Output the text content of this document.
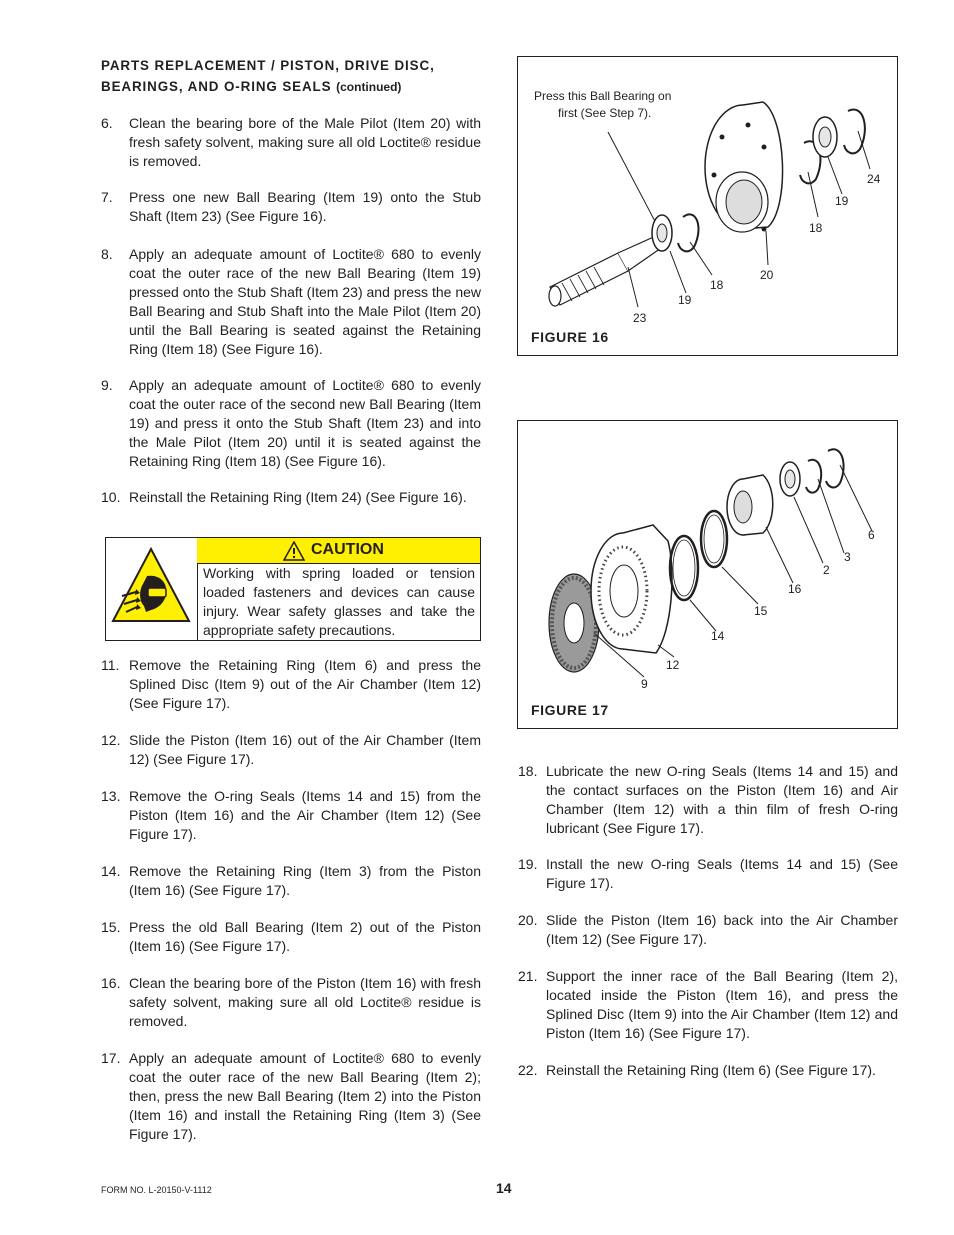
PARTS REPLACEMENT / PISTON, DRIVE DISC, BEARINGS, AND O-RING SEALS (continued)
6. Clean the bearing bore of the Male Pilot (Item 20) with fresh safety solvent, making sure all old Loctite® residue is removed.
7. Press one new Ball Bearing (Item 19) onto the Stub Shaft (Item 23) (See Figure 16).
8. Apply an adequate amount of Loctite® 680 to evenly coat the outer race of the new Ball Bearing (Item 19) pressed onto the Stub Shaft (Item 23) and press the new Ball Bearing and Stub Shaft into the Male Pilot (Item 20) until the Ball Bearing is seated against the Retaining Ring (Item 18) (See Figure 16).
9. Apply an adequate amount of Loctite® 680 to evenly coat the outer race of the second new Ball Bearing (Item 19) and press it onto the Stub Shaft (Item 23) and into the Male Pilot (Item 20) until it is seated against the Retaining Ring (Item 18) (See Figure 16).
10. Reinstall the Retaining Ring (Item 24) (See Figure 16).
CAUTION
Working with spring loaded or tension loaded fasteners and devices can cause injury. Wear safety glasses and take the appropriate safety precautions.
11. Remove the Retaining Ring (Item 6) and press the Splined Disc (Item 9) out of the Air Chamber (Item 12) (See Figure 17).
12. Slide the Piston (Item 16) out of the Air Chamber (Item 12) (See Figure 17).
13. Remove the O-ring Seals (Items 14 and 15) from the Piston (Item 16) and the Air Chamber (Item 12) (See Figure 17).
14. Remove the Retaining Ring (Item 3) from the Piston (Item 16) (See Figure 17).
15. Press the old Ball Bearing (Item 2) out of the Piston (Item 16) (See Figure 17).
16. Clean the bearing bore of the Piston (Item 16) with fresh safety solvent, making sure all old Loctite® residue is removed.
17. Apply an adequate amount of Loctite® 680 to evenly coat the outer race of the new Ball Bearing (Item 2); then, press the new Ball Bearing (Item 2) into the Piston (Item 16) and install the Retaining Ring (Item 3) (See Figure 17).
Press this Ball Bearing on
first (See Step 7).
24
19
18
20
18
19
23
FIGURE 16
6
3
2
16
15
14
12
9
FIGURE 17
18. Lubricate the new O-ring Seals (Items 14 and 15) and the contact surfaces on the Piston (Item 16) and Air Chamber (Item 12) with a thin film of fresh O-ring lubricant (See Figure 17).
19. Install the new O-ring Seals (Items 14 and 15) (See Figure 17).
20. Slide the Piston (Item 16) back into the Air Chamber (Item 12) (See Figure 17).
21. Support the inner race of the Ball Bearing (Item 2), located inside the Piston (Item 16), and press the Splined Disc (Item 9) into the Air Chamber (Item 12) and Piston (Item 16) (See Figure 17).
22. Reinstall the Retaining Ring (Item 6) (See Figure 17).
FORM NO. L-20150-V-1112	14
